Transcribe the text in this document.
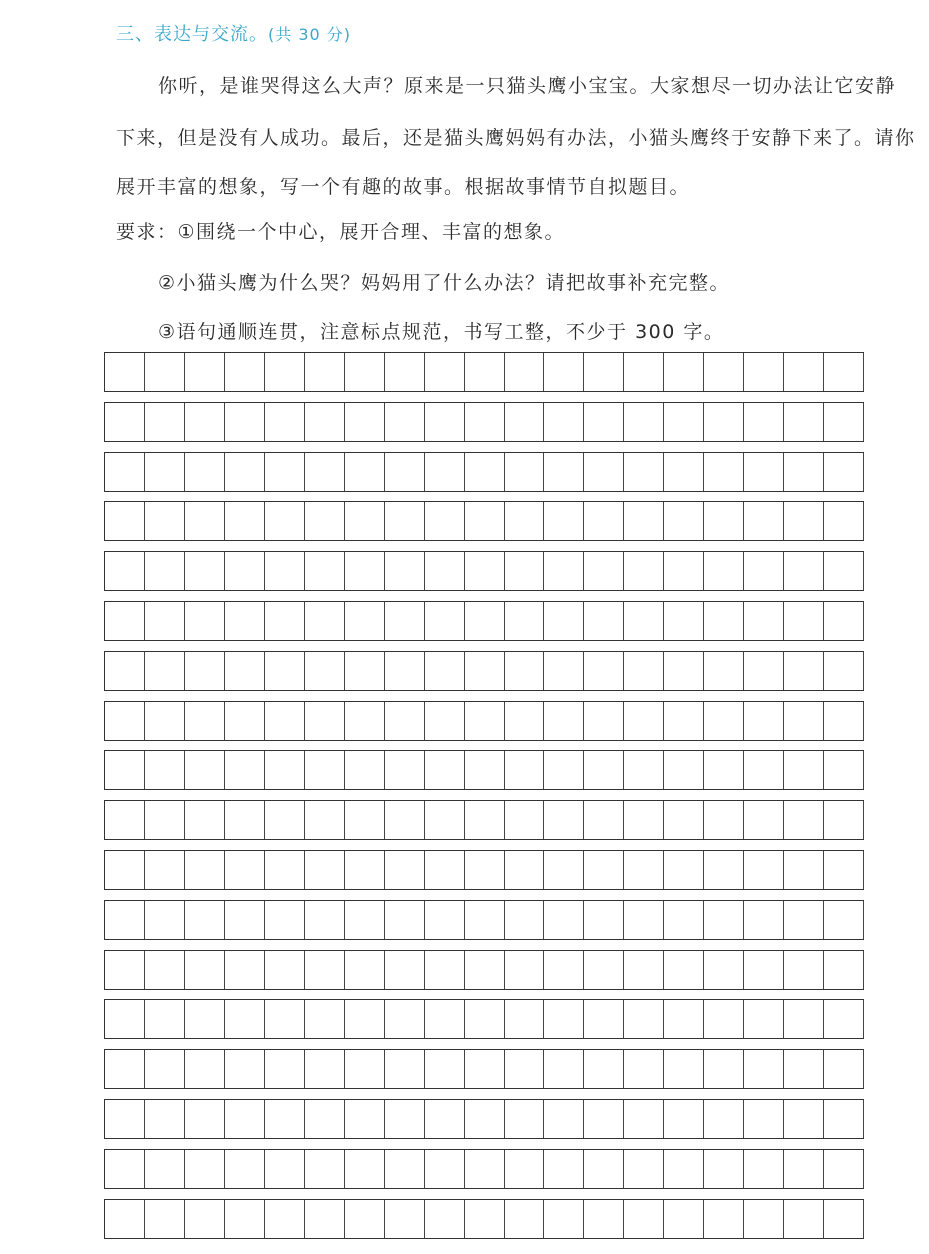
三、表达与交流。(共 30 分)
你听，是谁哭得这么大声？原来是一只猫头鹰小宝宝。大家想尽一切办法让它安静
下来，但是没有人成功。最后，还是猫头鹰妈妈有办法，小猫头鹰终于安静下来了。请你
展开丰富的想象，写一个有趣的故事。根据故事情节自拟题目。
要求：①围绕一个中心，展开合理、丰富的想象。
②小猫头鹰为什么哭？妈妈用了什么办法？请把故事补充完整。
③语句通顺连贯，注意标点规范，书写工整，不少于 300 字。
